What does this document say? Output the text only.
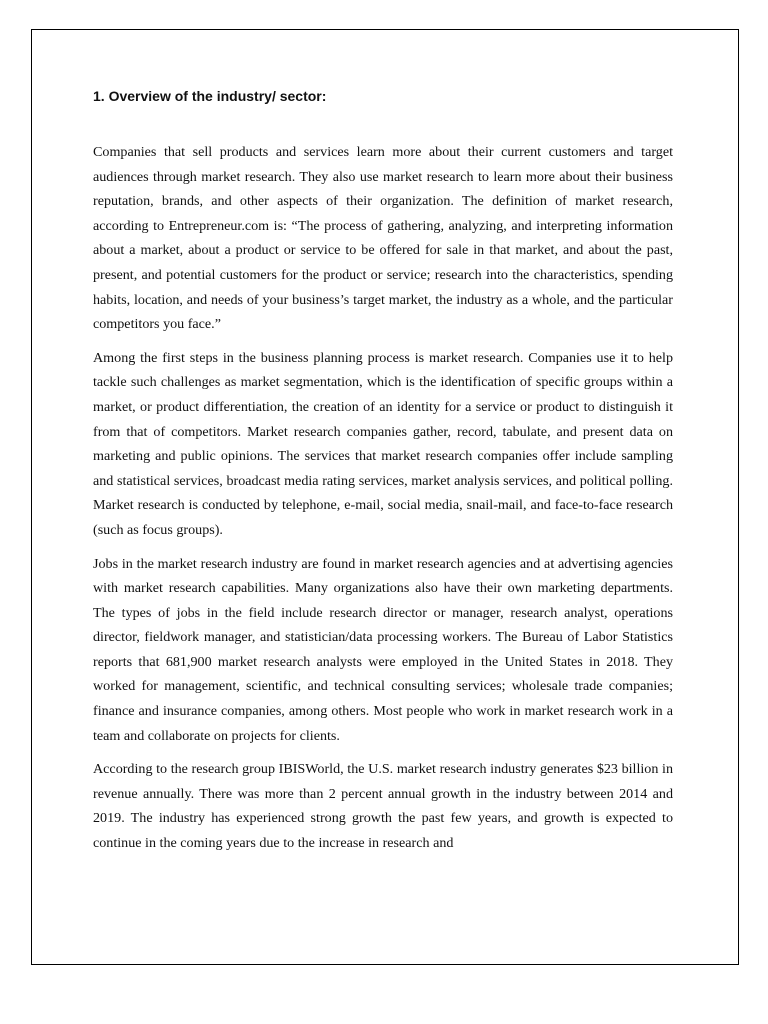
1. Overview of the industry/ sector:

Companies that sell products and services learn more about their current customers and target audiences through market research. They also use market research to learn more about their business reputation, brands, and other aspects of their organization. The definition of market research, according to Entrepreneur.com is: “The process of gathering, analyzing, and interpreting information about a market, about a product or service to be offered for sale in that market, and about the past, present, and potential customers for the product or service; research into the characteristics, spending habits, location, and needs of your business’s target market, the industry as a whole, and the particular competitors you face.”

Among the first steps in the business planning process is market research. Companies use it to help tackle such challenges as market segmentation, which is the identification of specific groups within a market, or product differentiation, the creation of an identity for a service or product to distinguish it from that of competitors. Market research companies gather, record, tabulate, and present data on marketing and public opinions. The services that market research companies offer include sampling and statistical services, broadcast media rating services, market analysis services, and political polling. Market research is conducted by telephone, e-mail, social media, snail-mail, and face-to-face research (such as focus groups).

Jobs in the market research industry are found in market research agencies and at advertising agencies with market research capabilities. Many organizations also have their own marketing departments. The types of jobs in the field include research director or manager, research analyst, operations director, fieldwork manager, and statistician/data processing workers. The Bureau of Labor Statistics reports that 681,900 market research analysts were employed in the United States in 2018. They worked for management, scientific, and technical consulting services; wholesale trade companies; finance and insurance companies, among others. Most people who work in market research work in a team and collaborate on projects for clients.

According to the research group IBISWorld, the U.S. market research industry generates $23 billion in revenue annually. There was more than 2 percent annual growth in the industry between 2014 and 2019. The industry has experienced strong growth the past few years, and growth is expected to continue in the coming years due to the increase in research and
